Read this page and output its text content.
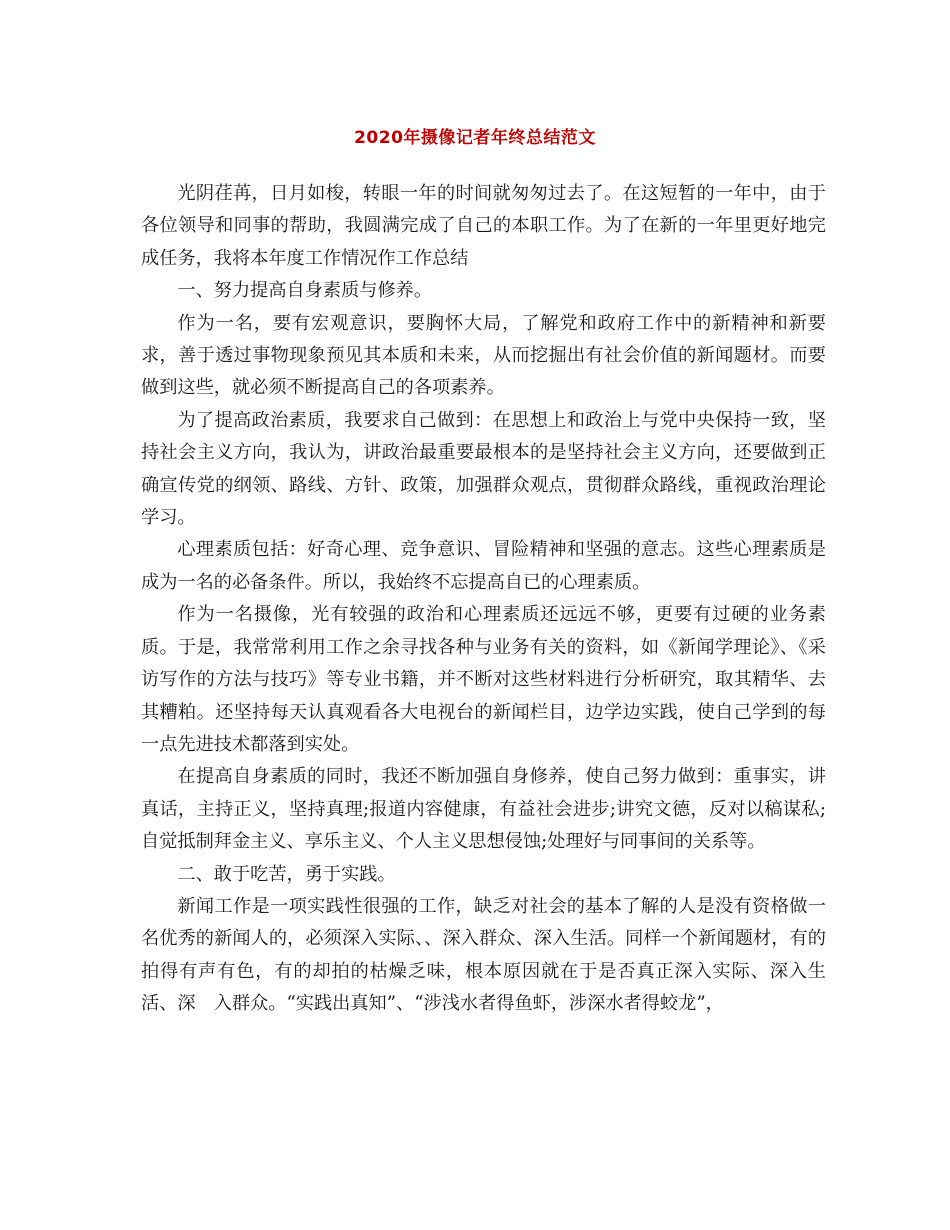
2020年摄像记者年终总结范文

光阴荏苒，日月如梭，转眼一年的时间就匆匆过去了。在这短暂的一年中，由于各位领导和同事的帮助，我圆满完成了自己的本职工作。为了在新的一年里更好地完成任务，我将本年度工作情况作工作总结

一、努力提高自身素质与修养。

作为一名，要有宏观意识，要胸怀大局，了解党和政府工作中的新精神和新要求，善于透过事物现象预见其本质和未来，从而挖掘出有社会价值的新闻题材。而要做到这些，就必须不断提高自己的各项素养。

为了提高政治素质，我要求自己做到：在思想上和政治上与党中央保持一致，坚持社会主义方向，我认为，讲政治最重要最根本的是坚持社会主义方向，还要做到正确宣传党的纲领、路线、方针、政策，加强群众观点，贯彻群众路线，重视政治理论学习。

心理素质包括：好奇心理、竞争意识、冒险精神和坚强的意志。这些心理素质是成为一名的必备条件。所以，我始终不忘提高自已的心理素质。

作为一名摄像，光有较强的政治和心理素质还远远不够，更要有过硬的业务素质。于是，我常常利用工作之余寻找各种与业务有关的资料，如《新闻学理论》、《采访写作的方法与技巧》等专业书籍，并不断对这些材料进行分析研究，取其精华、去其糟粕。还坚持每天认真观看各大电视台的新闻栏目，边学边实践，使自己学到的每一点先进技术都落到实处。

在提高自身素质的同时，我还不断加强自身修养，使自己努力做到：重事实，讲真话，主持正义，坚持真理;报道内容健康，有益社会进步;讲究文德，反对以稿谋私;自觉抵制拜金主义、享乐主义、个人主义思想侵蚀;处理好与同事间的关系等。

二、敢于吃苦，勇于实践。

新闻工作是一项实践性很强的工作，缺乏对社会的基本了解的人是没有资格做一名优秀的新闻人的，必须深入实际、、深入群众、深入生活。同样一个新闻题材，有的拍得有声有色，有的却拍的枯燥乏味，根本原因就在于是否真正深入实际、深入生活、深　入群众。“实践出真知”、“涉浅水者得鱼虾，涉深水者得蛟龙”，
